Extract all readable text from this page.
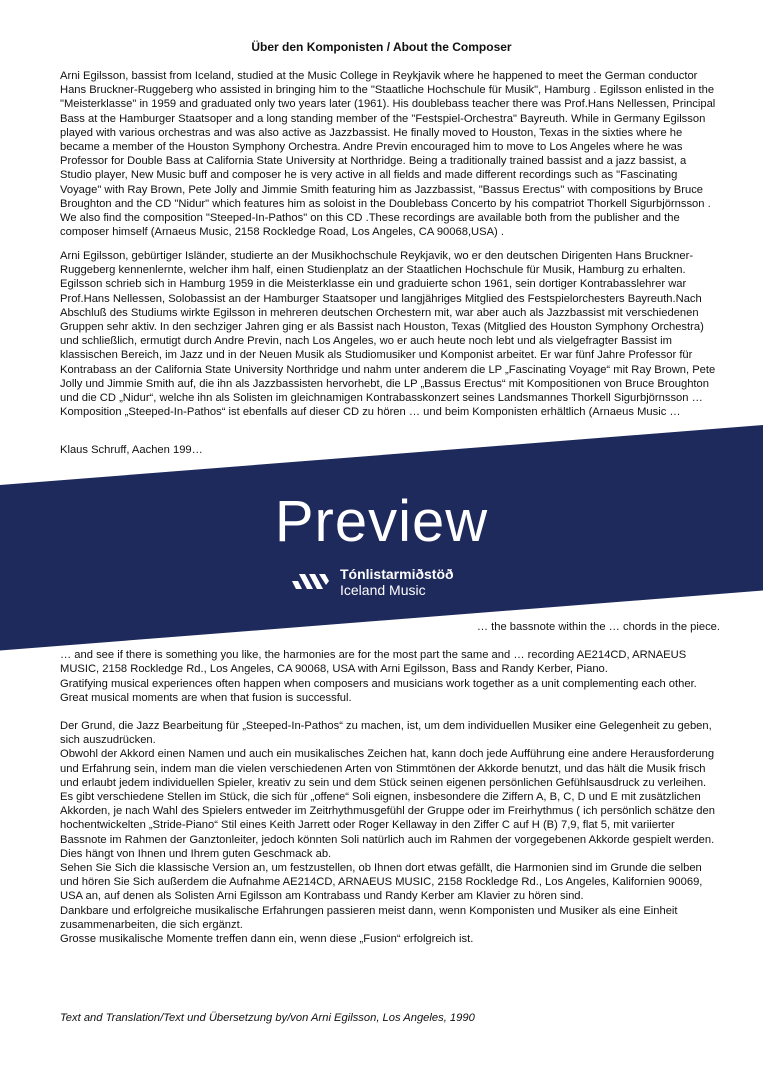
Über den Komponisten / About the Composer

Arni Egilsson, bassist from Iceland, studied at the Music College in Reykjavik where he happened to meet the German conductor Hans Bruckner-Ruggeberg who assisted in bringing him to the "Staatliche Hochschule für Musik", Hamburg . Egilsson enlisted in the "Meisterklasse" in 1959 and graduated only two years later (1961). His doublebass teacher there was Prof.Hans Nellessen, Principal Bass at the Hamburger Staatsoper and a long standing member of the "Festspiel-Orchestra" Bayreuth. While in Germany Egilsson played with various orchestras and was also active as Jazzbassist. He finally moved to Houston, Texas in the sixties where he became a member of the Houston Symphony Orchestra. Andre Previn encouraged him to move to Los Angeles where he was Professor for Double Bass at California State University at Northridge. Being a traditionally trained bassist and a jazz bassist, a Studio player, New Music buff and composer he is very active in all fields and made different recordings such as "Fascinating Voyage" with Ray Brown, Pete Jolly and Jimmie Smith featuring him as Jazzbassist, "Bassus Erectus" with compositions by Bruce Broughton and the CD "Nidur" which features him as soloist in the Doublebass Concerto by his compatriot Thorkell Sigurbjörnsson . We also find the composition "Steeped-In-Pathos" on this CD .These recordings are available both from the publisher and the composer himself (Arnaeus Music, 2158 Rockledge Road, Los Angeles, CA 90068,USA) .

Arni Egilsson, gebürtiger Isländer, studierte an der Musikhochschule Reykjavik, wo er den deutschen Dirigenten Hans Bruckner-Ruggeberg kennenlernte, welcher ihm half, einen Studienplatz an der Staatlichen Hochschule für Musik, Hamburg zu erhalten. Egilsson schrieb sich in Hamburg 1959 in die Meisterklasse ein und graduierte schon 1961, sein dortiger Kontrabasslehrer war Prof.Hans Nellessen, Solobassist an der Hamburger Staatsoper und langjähriges Mitglied des Festspielorchesters Bayreuth.Nach Abschluß des Studiums wirkte Egilsson in mehreren deutschen Orchestern mit, war aber auch als Jazzbassist mit verschiedenen Gruppen sehr aktiv. In den sechziger Jahren ging er als Bassist nach Houston, Texas (Mitglied des Houston Symphony Orchestra) und schließlich, ermutigt durch Andre Previn, nach Los Angeles, wo er auch heute noch lebt und als vielgefragter Bassist im klassischen Bereich, im Jazz und in der Neuen Musik als Studiomusiker und Komponist arbeitet. Er war fünf Jahre Professor für Kontrabass an der California State University Northridge und nahm unter anderem die LP „Fascinating Voyage“ mit Ray Brown, Pete Jolly und Jimmie Smith auf, die ihn als Jazzbassisten hervorhebt, die LP „Bassus Erectus“ mit Kompositionen von Bruce Broughton und die CD „Nidur“, welche ihn als Solisten im gleichnamigen Kontrabasskonzert seines Landsmannes Thorkell Sigurbjörnsson … Komposition „Steeped-In-Pathos“ ist ebenfalls auf dieser CD zu hören … und beim Komponisten erhältlich (Arnaeus Music …

Klaus Schruff, Aachen 199…

… the bassnote within the … chords in the piece.

… and see if there is something you like, the harmonies are for the most part the same and … recording AE214CD, ARNAEUS MUSIC, 2158 Rockledge Rd., Los Angeles, CA 90068, USA with Arni Egilsson, Bass and Randy Kerber, Piano.

Gratifying musical experiences often happen when composers and musicians work together as a unit complementing each other.

Great musical moments are when that fusion is successful.

Der Grund, die Jazz Bearbeitung für „Steeped-In-Pathos“ zu machen, ist, um dem individuellen Musiker eine Gelegenheit zu geben, sich auszudrücken.

Obwohl der Akkord einen Namen und auch ein musikalisches Zeichen hat, kann doch jede Aufführung eine andere Herausforderung und Erfahrung sein, indem man die vielen verschiedenen Arten von Stimmtönen der Akkorde benutzt, und das hält die Musik frisch und erlaubt jedem individuellen Spieler, kreativ zu sein und dem Stück seinen eigenen persönlichen Gefühlsausdruck zu verleihen.

Es gibt verschiedene Stellen im Stück, die sich für „offene“ Soli eignen, insbesondere die Ziffern A, B, C, D und E mit zusätzlichen Akkorden, je nach Wahl des Spielers entweder im Zeitrhythmusgefühl der Gruppe oder im Freirhythmus ( ich persönlich schätze den hochentwickelten „Stride-Piano“ Stil eines Keith Jarrett oder Roger Kellaway in den Ziffer C auf H (B) 7,9, flat 5, mit variierter Bassnote im Rahmen der Ganztonleiter, jedoch könnten Soli natürlich auch im Rahmen der vorgegebenen Akkorde gespielt werden. Dies hängt von Ihnen und Ihrem guten Geschmack ab.

Sehen Sie Sich die klassische Version an, um festzustellen, ob Ihnen dort etwas gefällt, die Harmonien sind im Grunde die selben und hören Sie Sich außerdem die Aufnahme AE214CD, ARNAEUS MUSIC, 2158 Rockledge Rd., Los Angeles, Kalifornien 90069, USA an, auf denen als Solisten Arni Egilsson am Kontrabass und Randy Kerber am Klavier zu hören sind.

Dankbare und erfolgreiche musikalische Erfahrungen passieren meist dann, wenn Komponisten und Musiker als eine Einheit zusammenarbeiten, die sich ergänzt.

Grosse musikalische Momente treffen dann ein, wenn diese „Fusion“ erfolgreich ist.

Text and Translation/Text und Übersetzung by/von Arni Egilsson, Los Angeles, 1990
Preview
Tónlistarmiðstöð
Iceland Music
